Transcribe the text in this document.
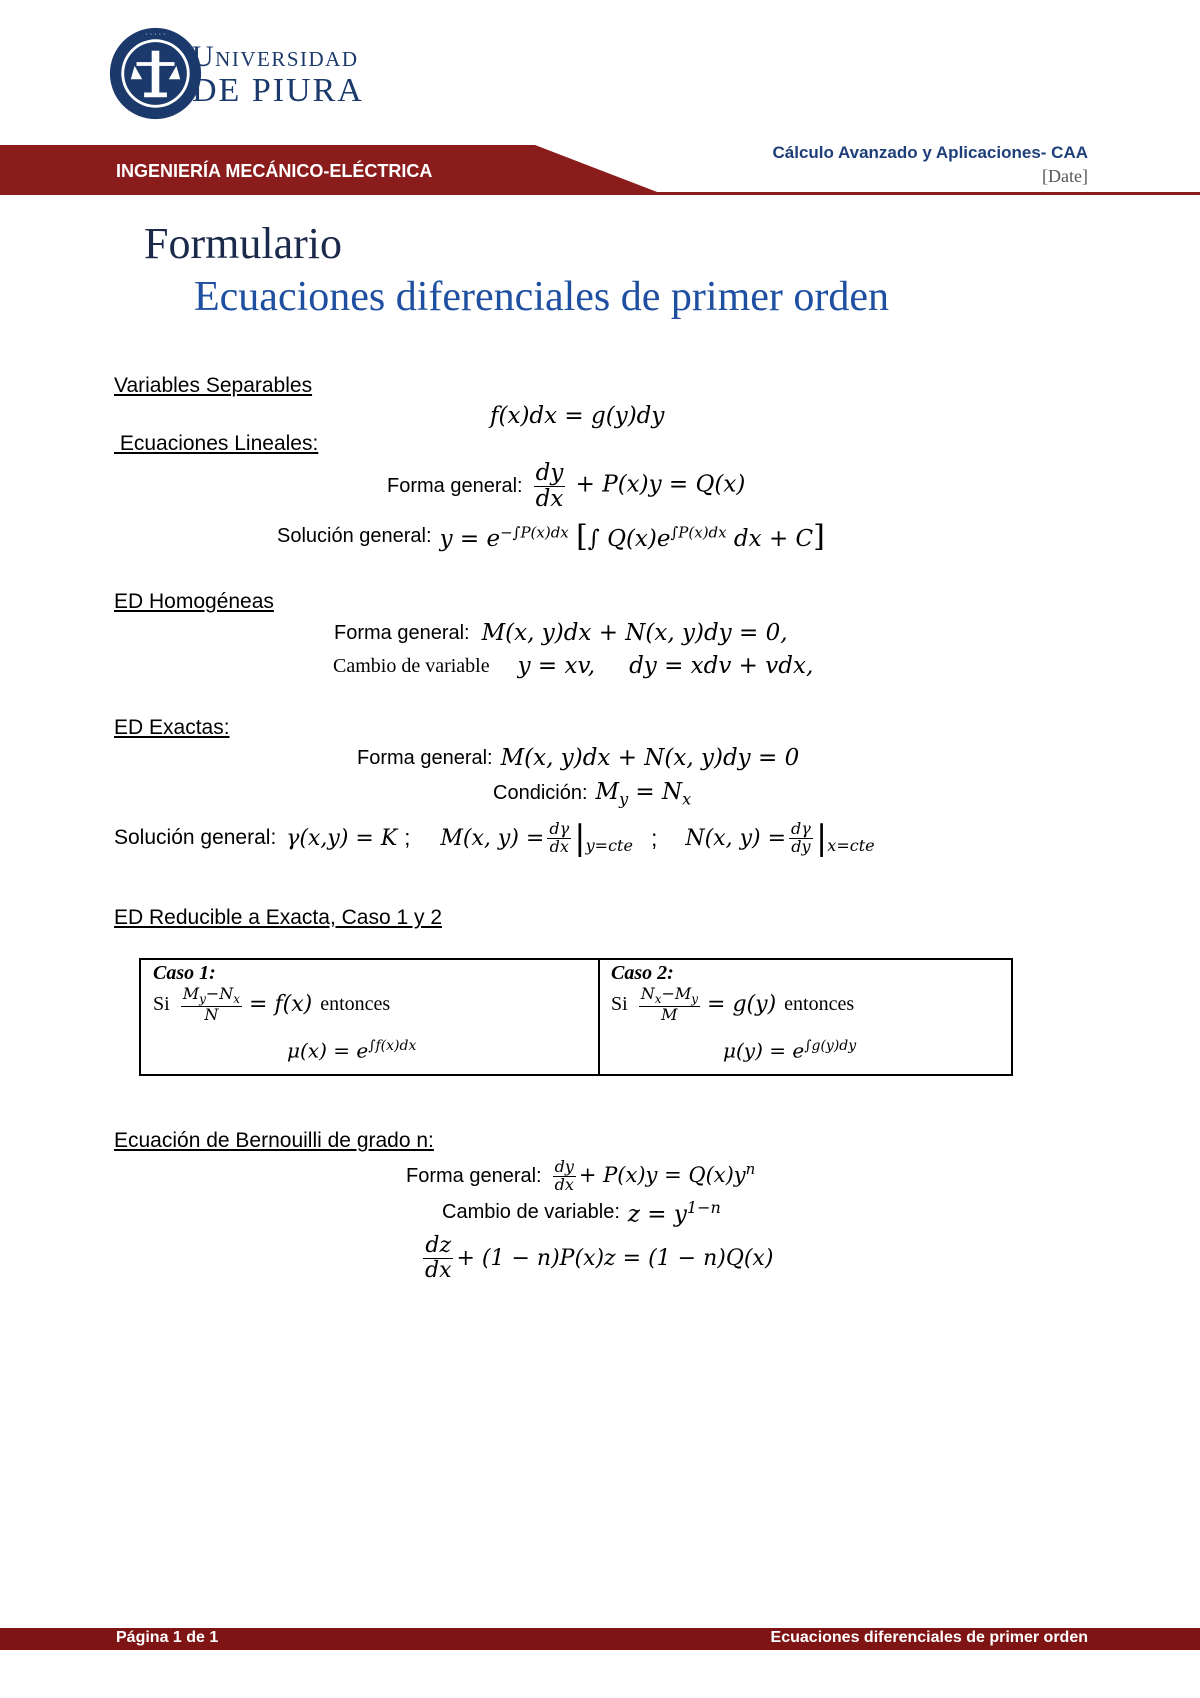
· · · · ·
Universidad
DE PIURA
INGENIERÍA MECÁNICO-ELÉCTRICA
Cálculo Avanzado y Aplicaciones- CAA
[Date]
Formulario
Ecuaciones diferenciales de primer orden
Variables Separables
f(x)dx = g(y)dy
Ecuaciones Lineales:
Forma general: $\frac{dy}{dx} + P(x)y = Q(x)$
Solución general: $y = e^{-\int P(x)dx}$ [∫ $Q(x)e^{\int P(x)dx}$ dx + C]
ED Homogéneas
Forma general: M(x, y)dx + N(x, y)dy = 0,
Cambio de variable y = xv, dy = xdv + vdx,
ED Exactas:
Forma general: M(x, y)dx + N(x, y)dy = 0
Condición: $M_y = N_x$
Solución general: γ(x,y) = K ; M(x, $y) = \frac{d\gamma}{dx}$ | y=cte ; N(x, $y) = \frac{d\gamma}{dy}$ | x=cte
ED Reducible a Exacta, Caso 1 y 2
Caso 1:
Si $\frac{M_y-N_x}{N} = f(x)$ entonces
$\mu(x) = e^{\int f(x)dx}$
Caso 2:
Si $\frac{N_x-M_y}{M} = g(y)$ entonces
$\mu(y) = e^{\int g(y)dy}$
Ecuación de Bernouilli de grado n:
Forma general: $\frac{dy}{dx} + P(x)y = Q(x)y^n$
Cambio de variable: $z = y^{1-n}$
$\frac{dz}{dx} + (1 - n)P(x)z = (1 - n)Q(x)$
Página 1 de 1	Ecuaciones diferenciales de primer orden
